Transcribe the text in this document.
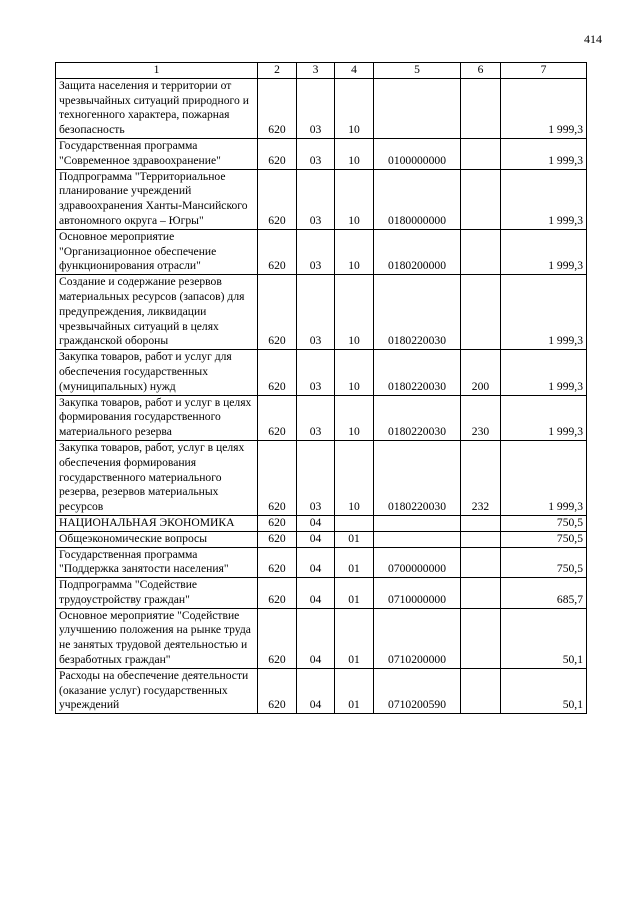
414
1	2	3	4	5	6	7
Защита населения и территории от чрезвычайных ситуаций природного и техногенного характера, пожарная безопасность	620	03	10			1 999,3
Государственная программа "Современное здравоохранение"	620	03	10	0100000000		1 999,3
Подпрограмма "Территориальное планирование учреждений здравоохранения Ханты-Мансийского автономного округа – Югры"	620	03	10	0180000000		1 999,3
Основное мероприятие "Организационное обеспечение функционирования отрасли"	620	03	10	0180200000		1 999,3
Создание и содержание резервов материальных ресурсов (запасов) для предупреждения, ликвидации чрезвычайных ситуаций в целях гражданской обороны	620	03	10	0180220030		1 999,3
Закупка товаров, работ и услуг для обеспечения государственных (муниципальных) нужд	620	03	10	0180220030	200	1 999,3
Закупка товаров, работ и услуг в целях формирования государственного материального резерва	620	03	10	0180220030	230	1 999,3
Закупка товаров, работ, услуг в целях обеспечения формирования государственного материального резерва, резервов материальных ресурсов	620	03	10	0180220030	232	1 999,3
НАЦИОНАЛЬНАЯ ЭКОНОМИКА	620	04				750,5
Общеэкономические вопросы	620	04	01			750,5
Государственная программа "Поддержка занятости населения"	620	04	01	0700000000		750,5
Подпрограмма "Содействие трудоустройству граждан"	620	04	01	0710000000		685,7
Основное мероприятие "Содействие улучшению положения на рынке труда не занятых трудовой деятельностью и безработных граждан"	620	04	01	0710200000		50,1
Расходы на обеспечение деятельности (оказание услуг) государственных учреждений	620	04	01	0710200590		50,1
